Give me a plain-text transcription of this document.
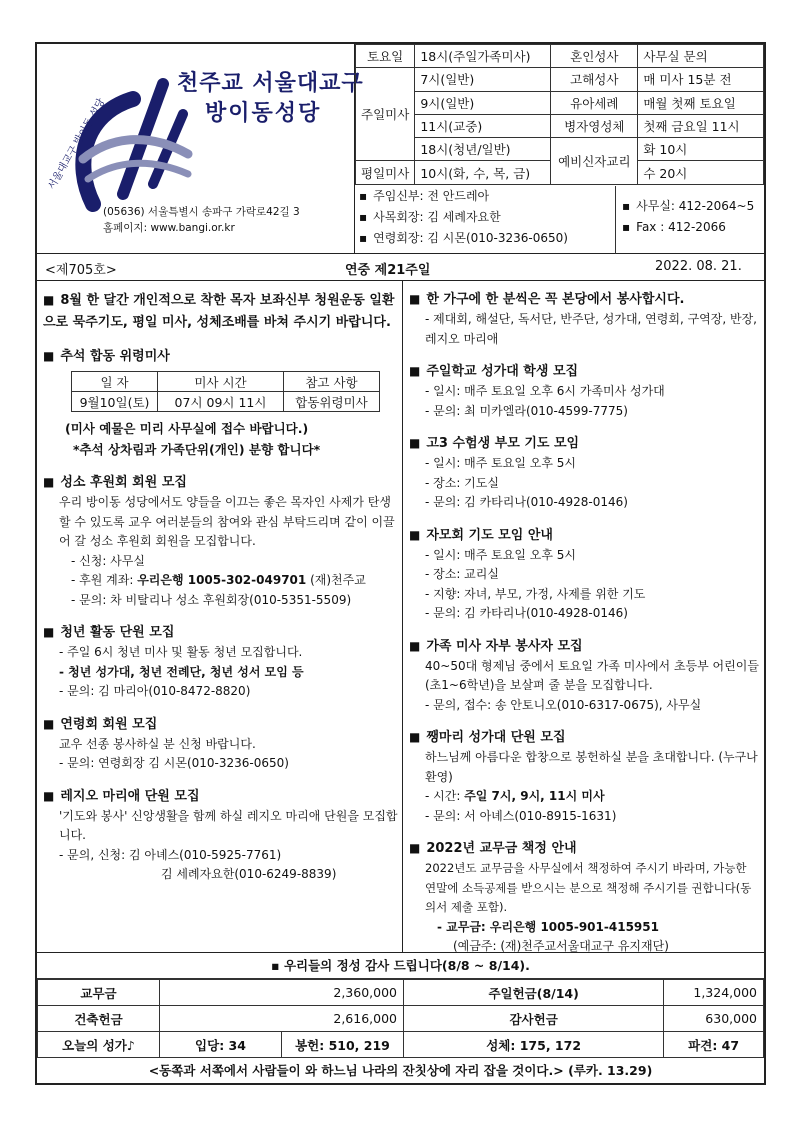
서울대교구 방이동 성당
천주교 서울대교구
방이동성당
(05636) 서울특별시 송파구 가락로42길 3
홈페이지: www.bangi.or.kr
토요일	18시(주일가족미사)	혼인성사	사무실 문의
주일미사	7시(일반)	고해성사	매 미사 15분 전
	9시(일반)	유아세례	매월 첫째 토요일
	11시(교중)	병자영성체	첫째 금요일 11시
	18시(청년/일반)	예비신자교리	화 10시
평일미사	10시(화, 수, 목, 금)		수 20시
▪ 주임신부: 전 안드레아
▪ 사목회장: 김 세례자요한
▪ 연령회장: 김 시몬(010-3236-0650)
▪ 사무실: 412-2064~5
▪ Fax : 412-2066
<제705호>	연중 제21주일	2022. 08. 21.
■ 8월 한 달간 개인적으로 착한 목자 보좌신부 청원운동 일환으로 묵주기도, 평일 미사, 성체조배를 바쳐 주시기 바랍니다.
■ 추석 합동 위령미사
일 자	미사 시간	참고 사항
9월10일(토)	07시 09시 11시	합동위령미사
(미사 예물은 미리 사무실에 접수 바랍니다.)
*추석 상차림과 가족단위(개인) 분향 합니다*
■ 성소 후원회 회원 모집
우리 방이동 성당에서도 양들을 이끄는 좋은 목자인 사제가 탄생할 수 있도록 교우 여러분들의 참여와 관심 부탁드리며 같이 이끌어 갈 성소 후원회 회원을 모집합니다.
- 신청: 사무실
- 후원 계좌: 우리은행 1005-302-049701 (재)천주교
- 문의: 차 비탈리나 성소 후원회장(010-5351-5509)
■ 청년 활동 단원 모집
- 주일 6시 청년 미사 및 활동 청년 모집합니다.
- 청년 성가대, 청년 전례단, 청년 성서 모임 등
- 문의: 김 마리아(010-8472-8820)
■ 연령회 회원 모집
교우 선종 봉사하실 분 신청 바랍니다.
- 문의: 연령회장 김 시몬(010-3236-0650)
■ 레지오 마리애 단원 모집
'기도와 봉사' 신앙생활을 함께 하실 레지오 마리애 단원을 모집합니다.
- 문의, 신청: 김 아녜스(010-5925-7761)
김 세례자요한(010-6249-8839)
■ 한 가구에 한 분씩은 꼭 본당에서 봉사합시다.
- 제대회, 해설단, 독서단, 반주단, 성가대, 연령회, 구역장, 반장, 레지오 마리애
■ 주일학교 성가대 학생 모집
- 일시: 매주 토요일 오후 6시 가족미사 성가대
- 문의: 최 미카엘라(010-4599-7775)
■ 고3 수험생 부모 기도 모임
- 일시: 매주 토요일 오후 5시
- 장소: 기도실
- 문의: 김 카타리나(010-4928-0146)
■ 자모회 기도 모임 안내
- 일시: 매주 토요일 오후 5시
- 장소: 교리실
- 지향: 자녀, 부모, 가정, 사제를 위한 기도
- 문의: 김 카타리나(010-4928-0146)
■ 가족 미사 자부 봉사자 모집
40~50대 형제님 중에서 토요일 가족 미사에서 초등부 어린이들(초1~6학년)을 보살펴 줄 분을 모집합니다.
- 문의, 접수: 송 안토니오(010-6317-0675), 사무실
■ 쨍마리 성가대 단원 모집
하느님께 아름다운 합창으로 봉헌하실 분을 초대합니다. (누구나 환영)
- 시간: 주일 7시, 9시, 11시 미사
- 문의: 서 아녜스(010-8915-1631)
■ 2022년 교무금 책정 안내
2022년도 교무금을 사무실에서 책정하여 주시기 바라며, 가능한 연말에 소득공제를 받으시는 분으로 책정해 주시기를 권합니다(동의서 제출 포함).
- 교무금: 우리은행 1005-901-415951
(예금주: (재)천주교서울대교구 유지재단)
▪ 우리들의 정성 감사 드립니다(8/8 ~ 8/14).
교무금	2,360,000		주일헌금(8/14)	1,324,000
건축헌금	2,616,000		감사헌금	630,000
오늘의 성가♪	입당: 34	봉헌: 510, 219	성체: 175, 172	파견: 47
<동쪽과 서쪽에서 사람들이 와 하느님 나라의 잔칫상에 자리 잡을 것이다.> (루카. 13.29)
